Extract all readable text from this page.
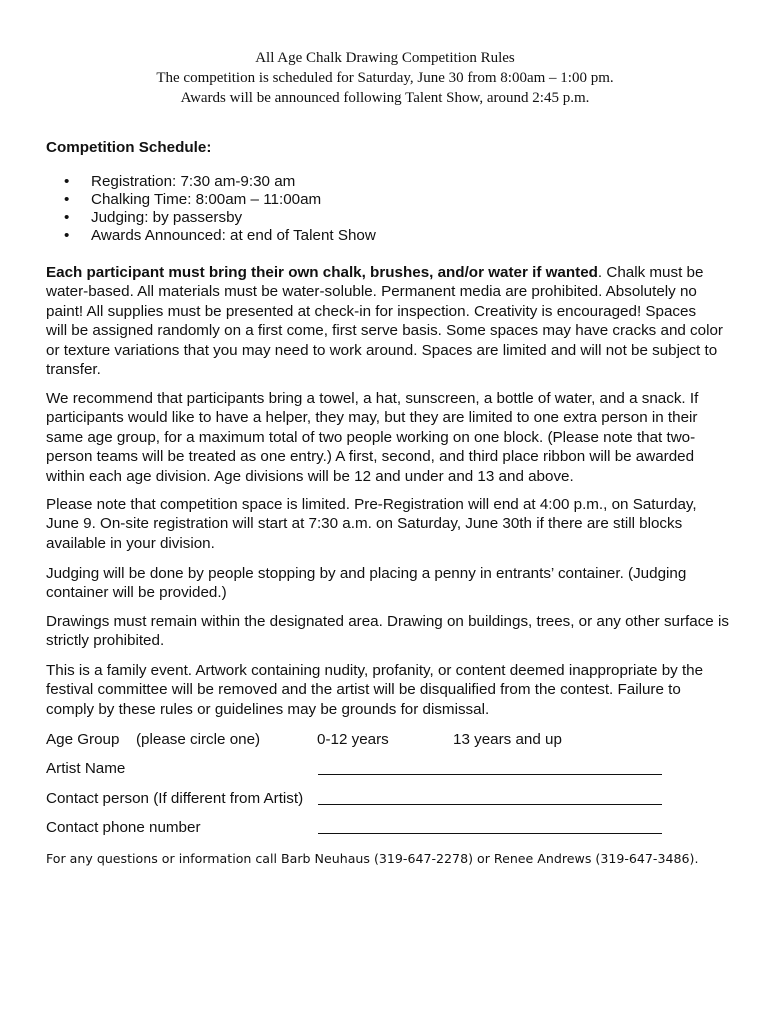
All Age Chalk Drawing Competition Rules
The competition is scheduled for Saturday, June 30 from 8:00am – 1:00 pm.
Awards will be announced following Talent Show, around 2:45 p.m.
Competition Schedule:
• Registration: 7:30 am-9:30 am
• Chalking Time: 8:00am – 11:00am
• Judging: by passersby
• Awards Announced: at end of Talent Show
Each participant must bring their own chalk, brushes, and/or water if wanted. Chalk must be
water-based. All materials must be water-soluble. Permanent media are prohibited. Absolutely no
paint! All supplies must be presented at check-in for inspection. Creativity is encouraged! Spaces
will be assigned randomly on a first come, first serve basis. Some spaces may have cracks and color
or texture variations that you may need to work around. Spaces are limited and will not be subject to
transfer.
We recommend that participants bring a towel, a hat, sunscreen, a bottle of water, and a snack. If
participants would like to have a helper, they may, but they are limited to one extra person in their
same age group, for a maximum total of two people working on one block. (Please note that two-
person teams will be treated as one entry.) A first, second, and third place ribbon will be awarded
within each age division. Age divisions will be 12 and under and 13 and above.
Please note that competition space is limited. Pre-Registration will end at 4:00 p.m., on Saturday,
June 9. On-site registration will start at 7:30 a.m. on Saturday, June 30th if there are still blocks
available in your division.
Judging will be done by people stopping by and placing a penny in entrants’ container. (Judging
container will be provided.)
Drawings must remain within the designated area. Drawing on buildings, trees, or any other surface is
strictly prohibited.
This is a family event. Artwork containing nudity, profanity, or content deemed inappropriate by the
festival committee will be removed and the artist will be disqualified from the contest. Failure to
comply by these rules or guidelines may be grounds for dismissal.
Age Group (please circle one)	0-12 years	13 years and up
Artist Name
Contact person (If different from Artist)
Contact phone number
For any questions or information call Barb Neuhaus (319-647-2278) or Renee Andrews (319-647-3486).
